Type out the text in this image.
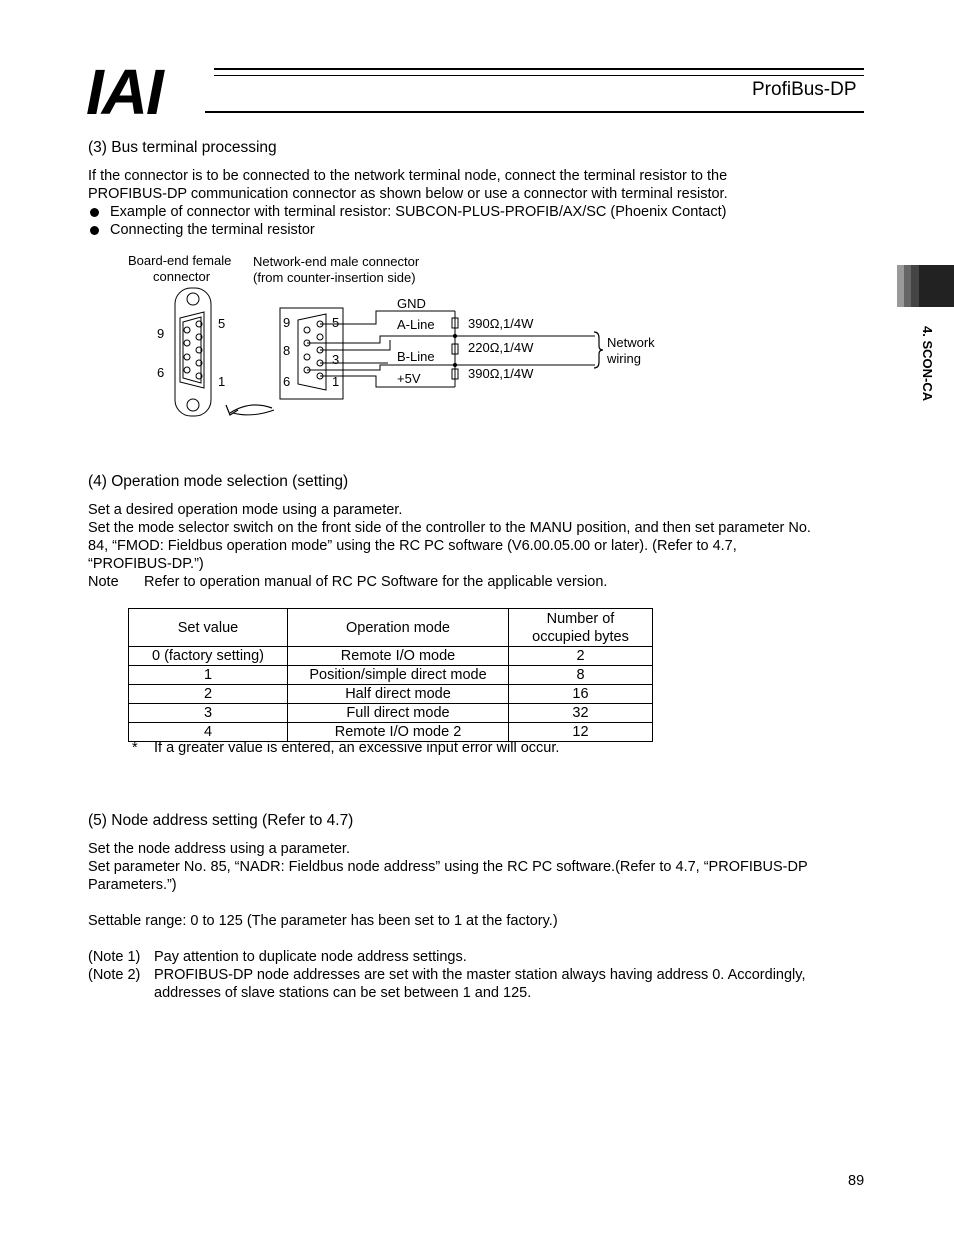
IAI	ProfiBus-DP
4. SCON-CA
(3) Bus terminal processing
If the connector is to be connected to the network terminal node, connect the terminal resistor to the
PROFIBUS-DP communication connector as shown below or use a connector with terminal resistor.
Example of connector with terminal resistor: SUBCON-PLUS-PROFIB/AX/SC (Phoenix Contact)
Connecting the terminal resistor
Board-end female
connector
Network-end male connector
(from counter-insertion side)
9
5
6
1
9	5
8
3
6	1
GND
A-Line
B-Line
+5V
390Ω,1/4W
220Ω,1/4W
390Ω,1/4W
Network
wiring
(4) Operation mode selection (setting)
Set a desired operation mode using a parameter.
Set the mode selector switch on the front side of the controller to the MANU position, and then set parameter No.
84, “FMOD: Fieldbus operation mode” using the RC PC software (V6.00.05.00 or later). (Refer to 4.7,
“PROFIBUS-DP.”)
Note Refer to operation manual of RC PC Software for the applicable version.
Set value	Operation mode	Number of
occupied bytes

0 (factory setting)	Remote I/O mode	2
1	Position/simple direct mode	8
2	Half direct mode	16
3	Full direct mode	32
4	Remote I/O mode 2	12
* If a greater value is entered, an excessive input error will occur.
(5) Node address setting (Refer to 4.7)
Set the node address using a parameter.
Set parameter No. 85, “NADR: Fieldbus node address” using the RC PC software.(Refer to 4.7, “PROFIBUS-DP
Parameters.”)
Settable range: 0 to 125 (The parameter has been set to 1 at the factory.)
(Note 1) Pay attention to duplicate node address settings.
(Note 2) PROFIBUS-DP node addresses are set with the master station always having address 0. Accordingly,
addresses of slave stations can be set between 1 and 125.
89
